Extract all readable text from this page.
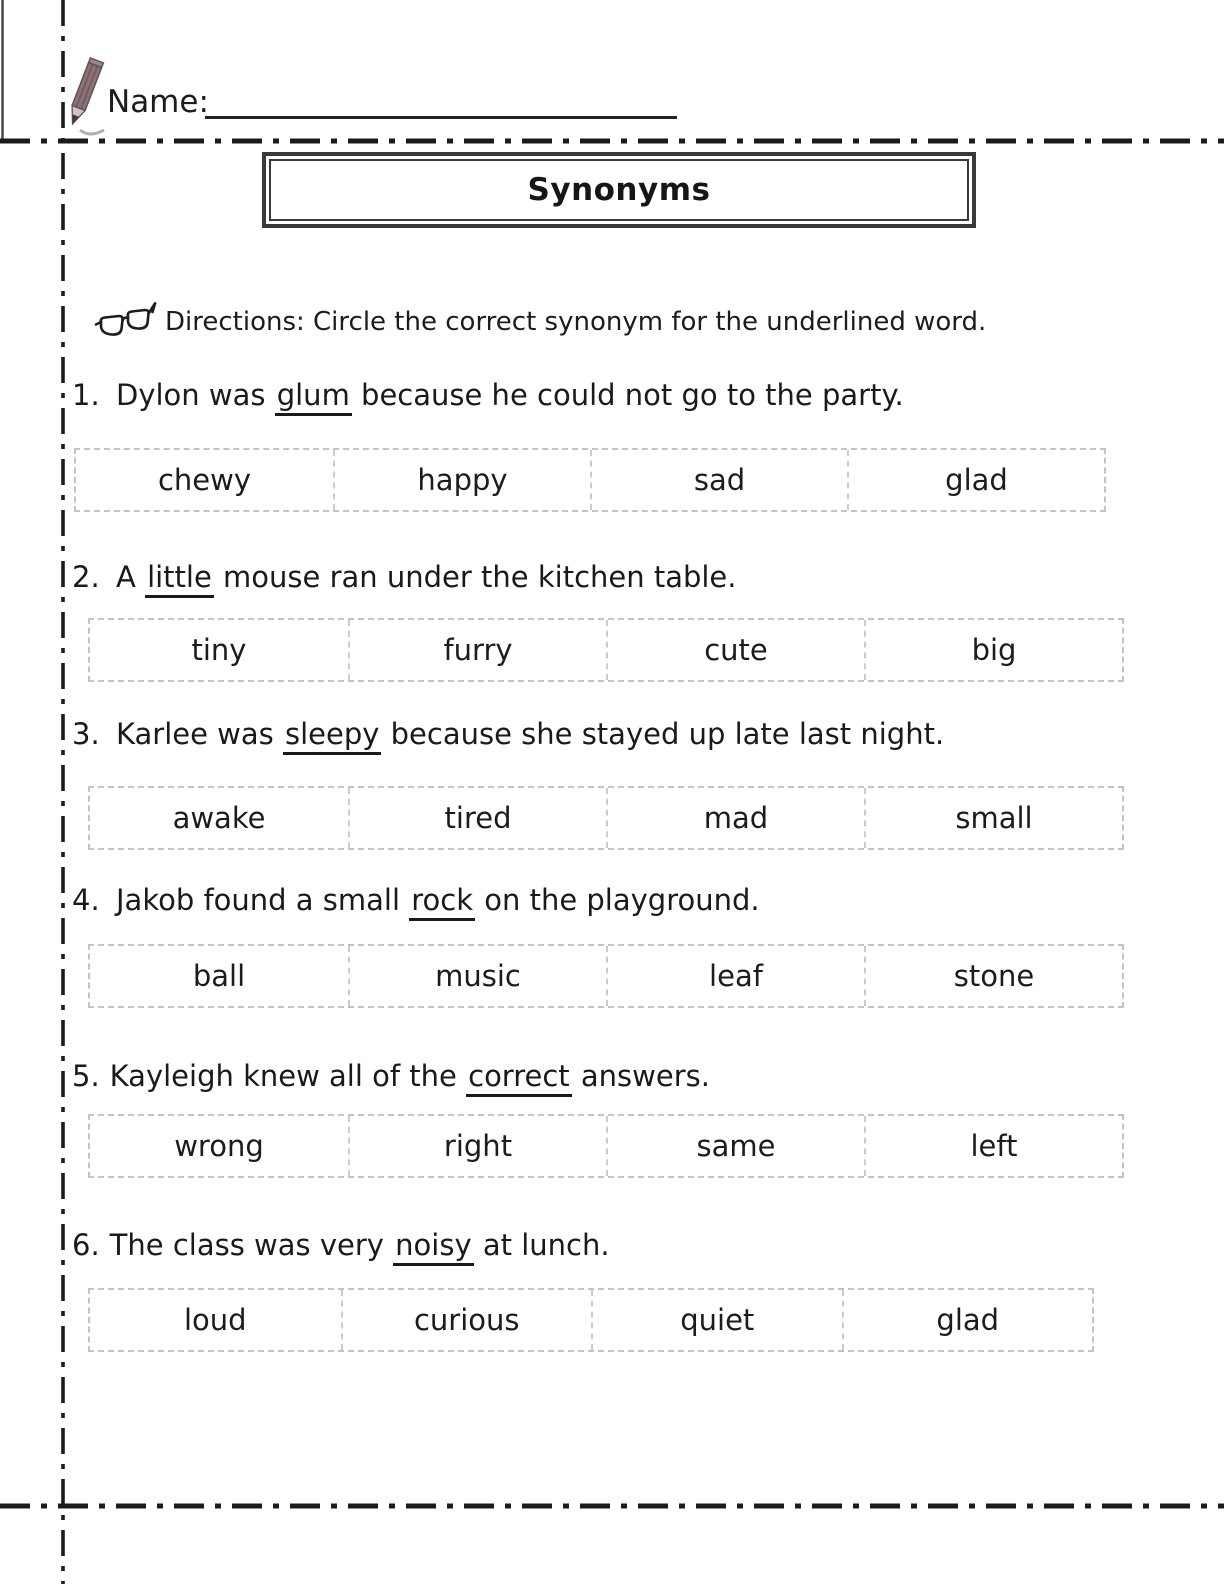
Name:
Synonyms
Directions: Circle the correct synonym for the underlined word.
1. Dylon was glum because he could not go to the party.
chewy	happy	sad	glad
2. A little mouse ran under the kitchen table.
tiny	furry	cute	big
3. Karlee was sleepy because she stayed up late last night.
awake	tired	mad	small
4. Jakob found a small rock on the playground.
ball	music	leaf	stone
5. Kayleigh knew all of the correct answers.
wrong	right	same	left
6. The class was very noisy at lunch.
loud	curious	quiet	glad
